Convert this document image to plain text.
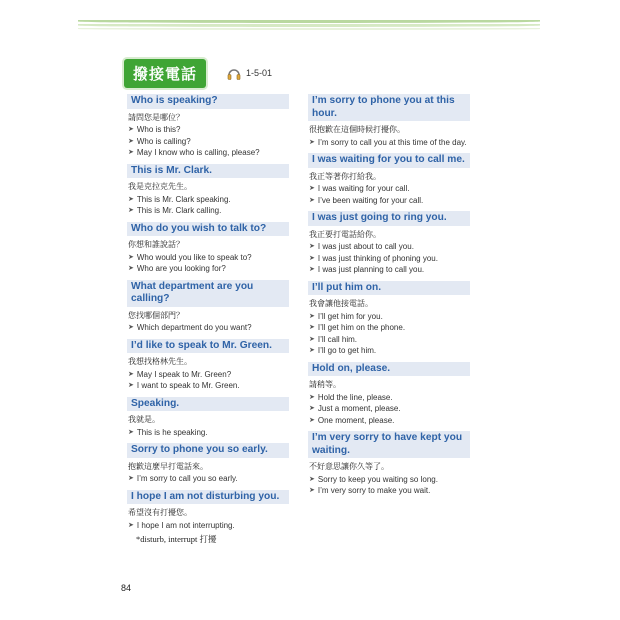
撥接電話	1-5-01
Who is speaking?
請問您是哪位？
➤ Who is this?
➤ Who is calling?
➤ May I know who is calling, please?
This is Mr. Clark.
我是克拉克先生。
➤ This is Mr. Clark speaking.
➤ This is Mr. Clark calling.
Who do you wish to talk to?
你想和誰說話？
➤ Who would you like to speak to?
➤ Who are you looking for?
What department are you calling?
您找哪個部門？
➤ Which department do you want?
I’d like to speak to Mr. Green.
我想找格林先生。
➤ May I speak to Mr. Green?
➤ I want to speak to Mr. Green.
Speaking.
我就是。
➤ This is he speaking.
Sorry to phone you so early.
抱歉這麼早打電話來。
➤ I’m sorry to call you so early.
I hope I am not disturbing you.
希望沒有打擾您。
➤ I hope I am not interrupting.
*disturb, interrupt 打擾
I’m sorry to phone you at this hour.
很抱歉在這個時候打擾你。
➤ I’m sorry to call you at this time of the day.
I was waiting for you to call me.
我正等著你打給我。
➤ I was waiting for your call.
➤ I’ve been waiting for your call.
I was just going to ring you.
我正要打電話給你。
➤ I was just about to call you.
➤ I was just thinking of phoning you.
➤ I was just planning to call you.
I’ll put him on.
我會讓他接電話。
➤ I’ll get him for you.
➤ I’ll get him on the phone.
➤ I’ll call him.
➤ I’ll go to get him.
Hold on, please.
請稍等。
➤ Hold the line, please.
➤ Just a moment, please.
➤ One moment, please.
I’m very sorry to have kept you waiting.
不好意思讓你久等了。
➤ Sorry to keep you waiting so long.
➤ I’m very sorry to make you wait.
84
